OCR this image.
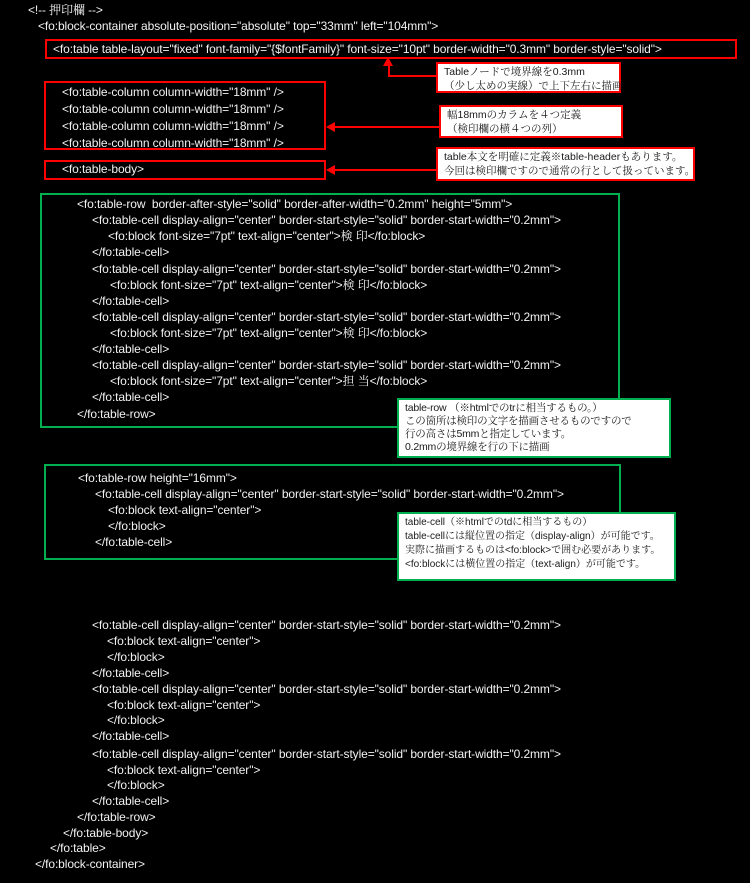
<!-- 押印欄 -->
<fo:block-container absolute-position="absolute" top="33mm" left="104mm">
<fo:table table-layout="fixed" font-family="{$fontFamily}" font-size="10pt" border-width="0.3mm" border-style="solid">
<fo:table-column column-width="18mm" />
<fo:table-column column-width="18mm" />
<fo:table-column column-width="18mm" />
<fo:table-column column-width="18mm" />
<fo:table-body>
<fo:table-row  border-after-style="solid" border-after-width="0.2mm" height="5mm">
<fo:table-cell display-align="center" border-start-style="solid" border-start-width="0.2mm">
<fo:block font-size="7pt" text-align="center">検 印</fo:block>
</fo:table-cell>
<fo:table-cell display-align="center" border-start-style="solid" border-start-width="0.2mm">
<fo:block font-size="7pt" text-align="center">検 印</fo:block>
</fo:table-cell>
<fo:table-cell display-align="center" border-start-style="solid" border-start-width="0.2mm">
<fo:block font-size="7pt" text-align="center">検 印</fo:block>
</fo:table-cell>
<fo:table-cell display-align="center" border-start-style="solid" border-start-width="0.2mm">
<fo:block font-size="7pt" text-align="center">担 当</fo:block>
</fo:table-cell>
</fo:table-row>
<fo:table-row height="16mm">
<fo:table-cell display-align="center" border-start-style="solid" border-start-width="0.2mm">
<fo:block text-align="center">
</fo:block>
</fo:table-cell>
<fo:table-cell display-align="center" border-start-style="solid" border-start-width="0.2mm">
<fo:block text-align="center">
</fo:block>
</fo:table-cell>
<fo:table-cell display-align="center" border-start-style="solid" border-start-width="0.2mm">
<fo:block text-align="center">
</fo:block>
</fo:table-cell>
<fo:table-cell display-align="center" border-start-style="solid" border-start-width="0.2mm">
<fo:block text-align="center">
</fo:block>
</fo:table-cell>
</fo:table-row>
</fo:table-body>
</fo:table>
</fo:block-container>
Tableノードで境界線を0.3mm
（少し太めの実線）で上下左右に描画
幅18mmのカラムを４つ定義
（検印欄の横４つの列）
table本文を明確に定義※table-headerもあります。
今回は検印欄ですので通常の行として扱っています。
table-row （※htmlでのtrに相当するもの。）
この箇所は検印の文字を描画させるものですので
行の高さは5mmと指定しています。
0.2mmの境界線を行の下に描画
table-cell（※htmlでのtdに相当するもの）
table-cellには縦位置の指定（display-align）が可能です。
実際に描画するものは<fo:block>で囲む必要があります。
<fo:blockには横位置の指定（text-align）が可能です。
